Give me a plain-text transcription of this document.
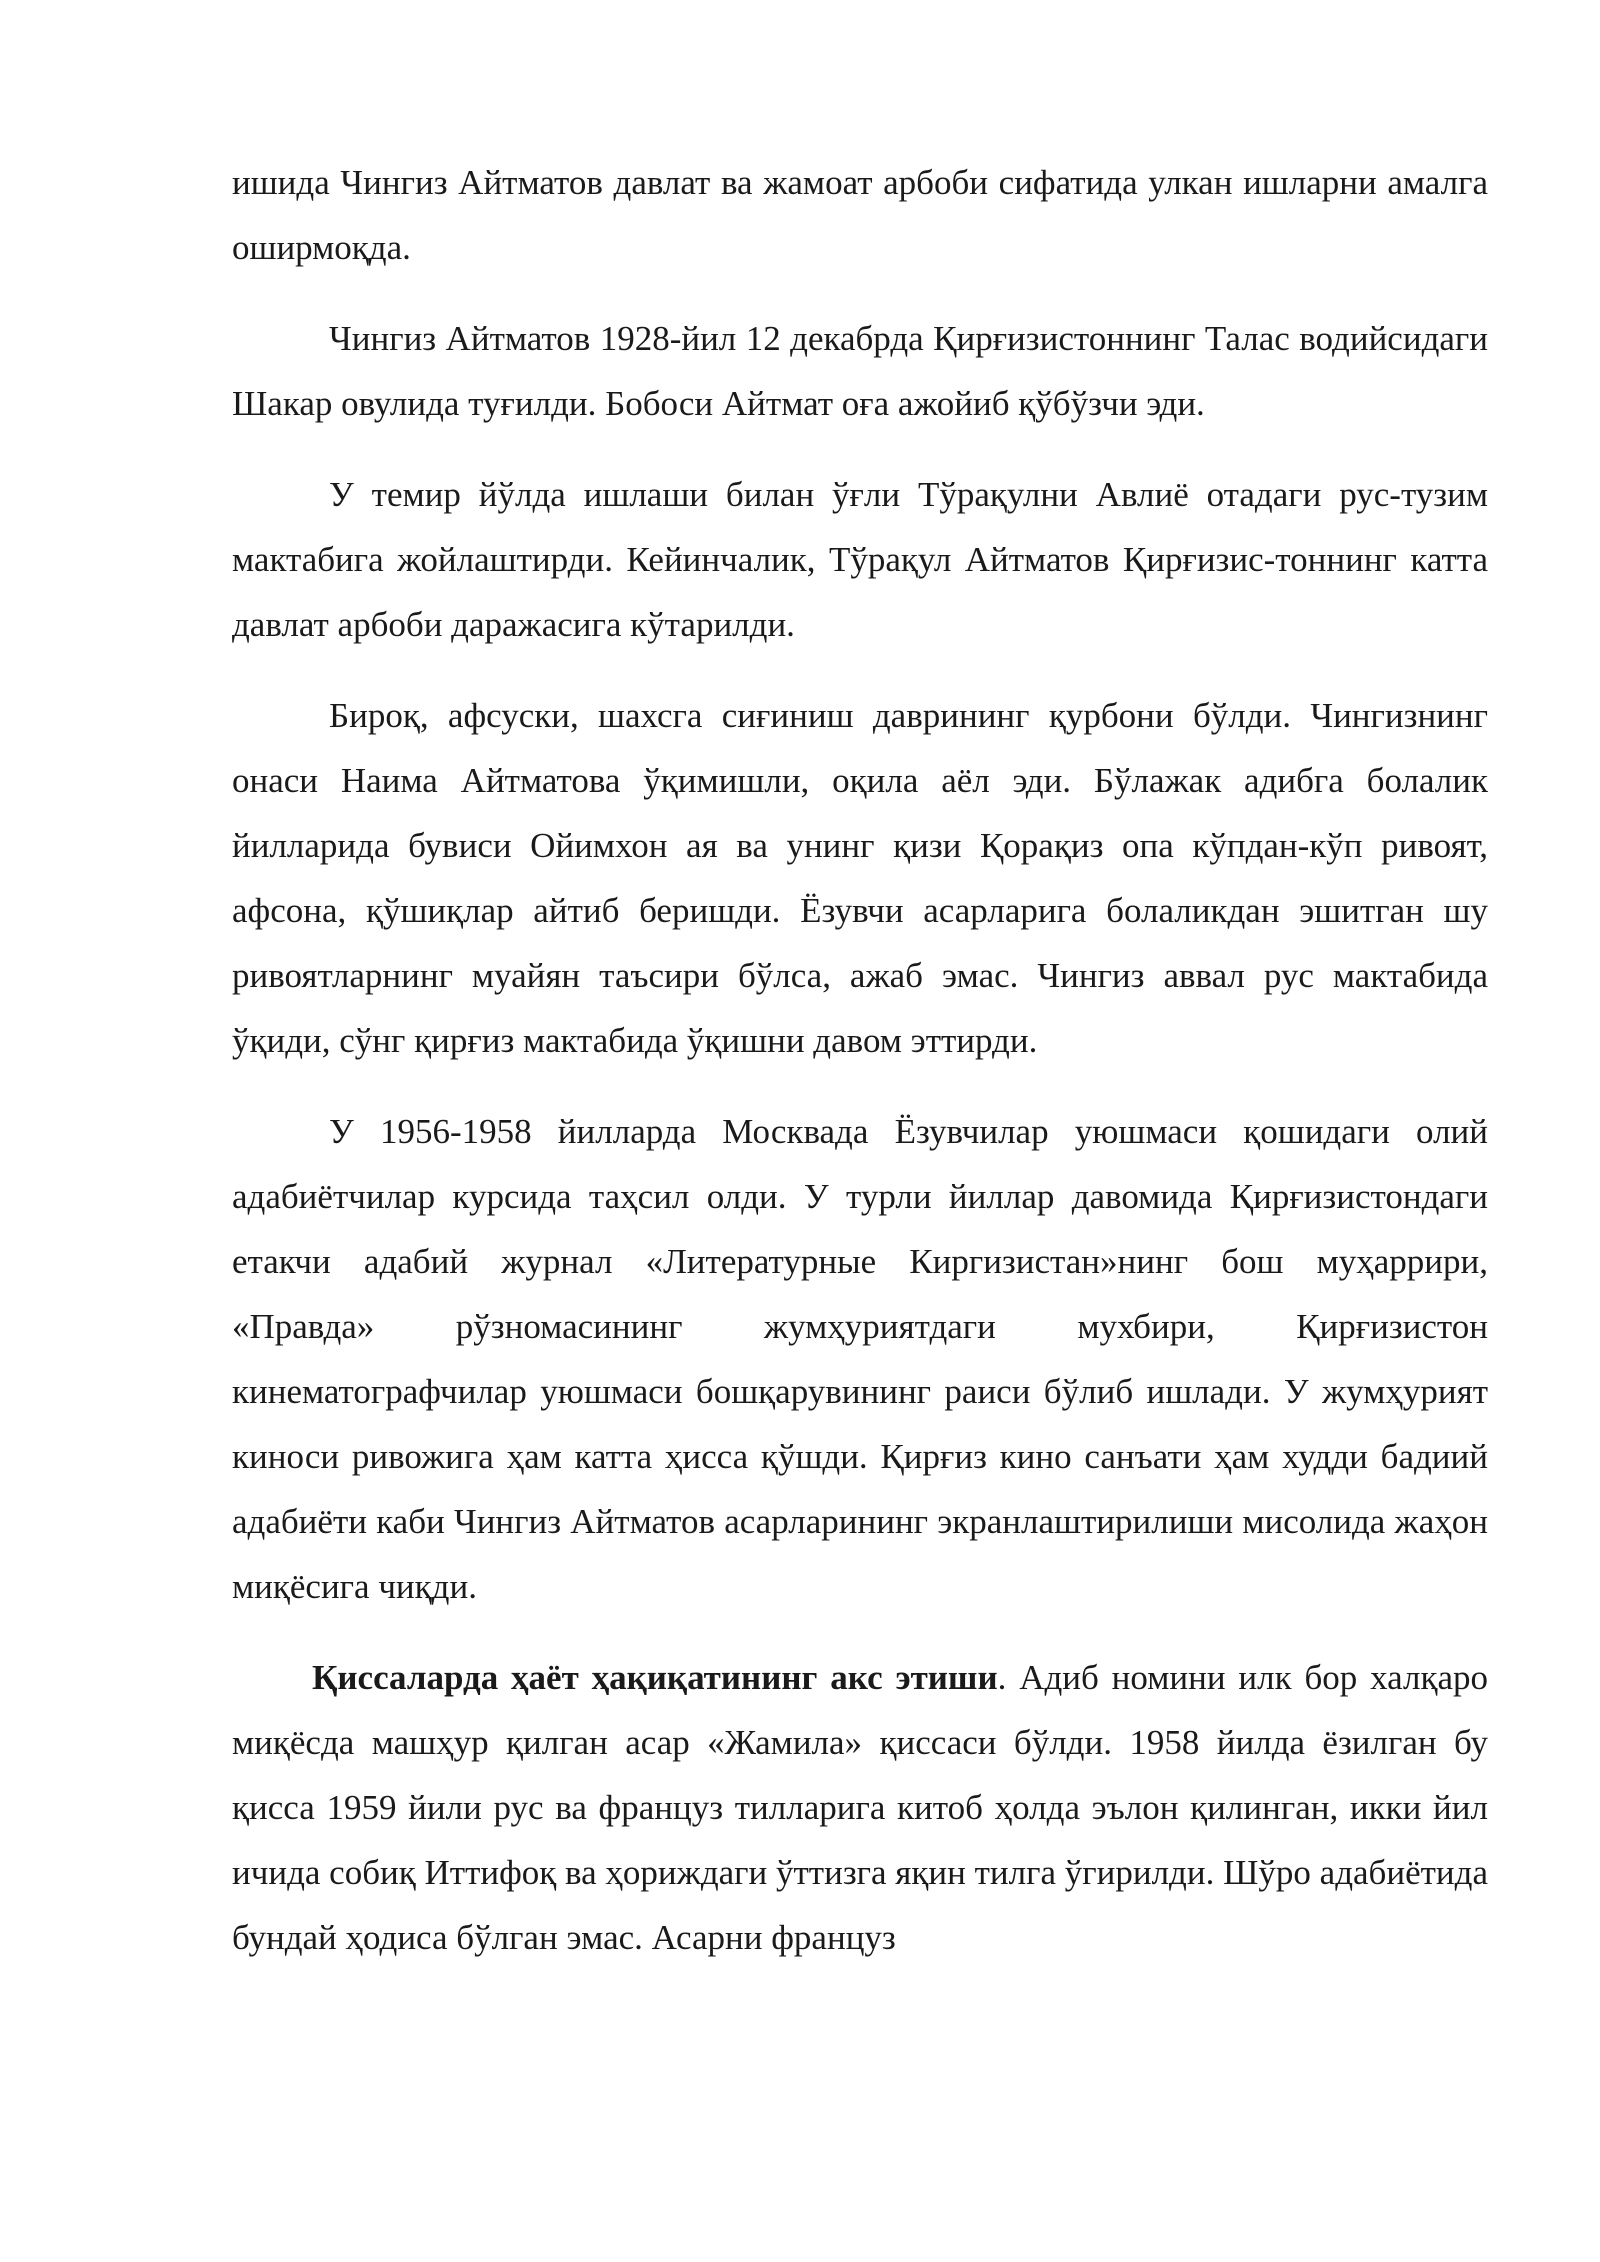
ишида Чингиз Айтматов давлат ва жамоат арбоби сифатида улкан ишларни амалга оширмоқда.

Чингиз Айтматов 1928-йил 12 декабрда Қирғизистоннинг Талас водийсидаги Шакар овулида туғилди. Бобоси Айтмат оға ажойиб қўбўзчи эди.

У темир йўлда ишлаши билан ўғли Тўрақулни Авлиё отадаги рус-тузим мактабига жойлаштирди. Кейинчалик, Тўрақул Айтматов Қирғизис-тоннинг катта давлат арбоби даражасига кўтарилди.

Бироқ, афсуски, шахсга сиғиниш даврининг қурбони бўлди. Чингизнинг онаси Наима Айтматова ўқимишли, оқила аёл эди. Бўлажак адибга болалик йилларида бувиси Ойимхон ая ва унинг қизи Қорақиз опа кўпдан-кўп ривоят, афсона, қўшиқлар айтиб беришди. Ёзувчи асарларига болаликдан эшитган шу ривоятларнинг муайян таъсири бўлса, ажаб эмас. Чингиз аввал рус мактабида ўқиди, сўнг қирғиз мактабида ўқишни давом эттирди.

У 1956-1958 йилларда Москвада Ёзувчилар уюшмаси қошидаги олий адабиётчилар курсида таҳсил олди. У турли йиллар давомида Қирғизистондаги етакчи адабий журнал «Литературные Киргизистан»нинг бош муҳаррири, «Правда» рўзномасининг жумҳуриятдаги мухбири, Қирғизистон кинематографчилар уюшмаси бошқарувининг раиси бўлиб ишлади. У жумҳурият киноси ривожига ҳам катта ҳисса қўшди. Қирғиз кино санъати ҳам худди бадиий адабиёти каби Чингиз Айтматов асарларининг экранлаштирилиши мисолида жаҳон миқёсига чиқди.

Қиссаларда ҳаёт ҳақиқатининг акс этиши. Адиб номини илк бор халқаро миқёсда машҳур қилган асар «Жамила» қиссаси бўлди. 1958 йилда ёзилган бу қисса 1959 йили рус ва француз тилларига китоб ҳолда эълон қилинган, икки йил ичида собиқ Иттифоқ ва ҳориждаги ўттизга яқин тилга ўгирилди. Шўро адабиётида бундай ҳодиса бўлган эмас. Асарни француз
